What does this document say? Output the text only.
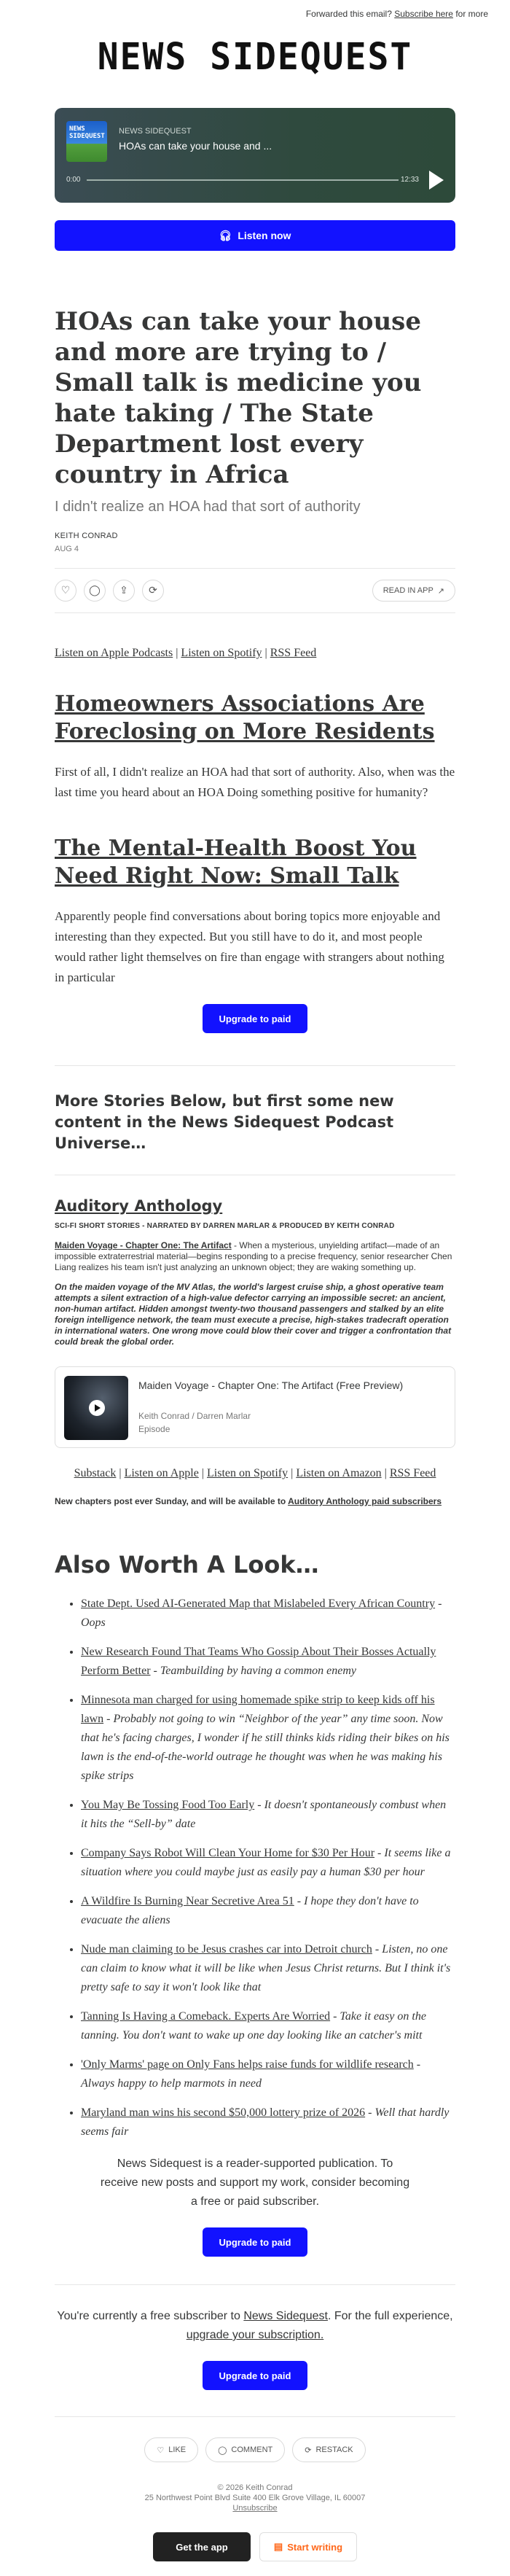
Forwarded this email? Subscribe here for more
NEWS SIDEQUEST
NEWS SIDEQUEST
NEWS SIDEQUEST
HOAs can take your house and ...
0:00	12:33
🎧︎ Listen now
HOAs can take your house and more are trying to / Small talk is medicine you hate taking / The State Department lost every country in Africa
I didn't realize an HOA had that sort of authority
KEITH CONRAD
AUG 4
♡	◯	⇪	⟳	READ IN APP ↗
Listen on Apple Podcasts | Listen on Spotify | RSS Feed
Homeowners Associations Are Foreclosing on More Residents

First of all, I didn't realize an HOA had that sort of authority. Also, when was the last time you heard about an HOA Doing something positive for humanity?

The Mental-Health Boost You Need Right Now: Small Talk

Apparently people find conversations about boring topics more enjoyable and interesting than they expected. But you still have to do it, and most people would rather light themselves on fire than engage with strangers about nothing in particular

Upgrade to paid
More Stories Below, but first some new content in the News Sidequest Podcast Universe…
Auditory Anthology
SCI-FI SHORT STORIES - NARRATED BY DARREN MARLAR & PRODUCED BY KEITH CONRAD
Maiden Voyage - Chapter One: The Artifact - When a mysterious, unyielding artifact—made of an impossible extraterrestrial material—begins responding to a precise frequency, senior researcher Chen Liang realizes his team isn't just analyzing an unknown object; they are waking something up.
On the maiden voyage of the MV Atlas, the world's largest cruise ship, a ghost operative team attempts a silent extraction of a high-value defector carrying an impossible secret: an ancient, non-human artifact. Hidden amongst twenty-two thousand passengers and stalked by an elite foreign intelligence network, the team must execute a precise, high-stakes tradecraft operation in international waters. One wrong move could blow their cover and trigger a confrontation that could break the global order.
Maiden Voyage - Chapter One: The Artifact (Free Preview)
Keith Conrad / Darren Marlar
Episode
Substack | Listen on Apple | Listen on Spotify | Listen on Amazon | RSS Feed
New chapters post ever Sunday, and will be available to Auditory Anthology paid subscribers
Also Worth A Look…
• State Dept. Used AI-Generated Map that Mislabeled Every African Country - Oops
• New Research Found That Teams Who Gossip About Their Bosses Actually Perform Better - Teambuilding by having a common enemy
• Minnesota man charged for using homemade spike strip to keep kids off his lawn - Probably not going to win “Neighbor of the year” any time soon. Now that he's facing charges, I wonder if he still thinks kids riding their bikes on his lawn is the end-of-the-world outrage he thought was when he was making his spike strips
• You May Be Tossing Food Too Early - It doesn't spontaneously combust when it hits the “Sell-by” date
• Company Says Robot Will Clean Your Home for $30 Per Hour - It seems like a situation where you could maybe just as easily pay a human $30 per hour
• A Wildfire Is Burning Near Secretive Area 51 - I hope they don't have to evacuate the aliens
• Nude man claiming to be Jesus crashes car into Detroit church - Listen, no one can claim to know what it will be like when Jesus Christ returns. But I think it's pretty safe to say it won't look like that
• Tanning Is Having a Comeback. Experts Are Worried - Take it easy on the tanning. You don't want to wake up one day looking like an catcher's mitt
• 'Only Marms' page on Only Fans helps raise funds for wildlife research - Always happy to help marmots in need
• Maryland man wins his second $50,000 lottery prize of 2026 - Well that hardly seems fair
News Sidequest is a reader-supported publication. To receive new posts and support my work, consider becoming a free or paid subscriber.
Upgrade to paid
You're currently a free subscriber to News Sidequest. For the full experience, upgrade your subscription.
Upgrade to paid
♡ LIKE	◯ COMMENT	⟳ RESTACK
© 2026 Keith Conrad
25 Northwest Point Blvd Suite 400 Elk Grove Village, IL 60007
Unsubscribe
Get the app	▤ Start writing
